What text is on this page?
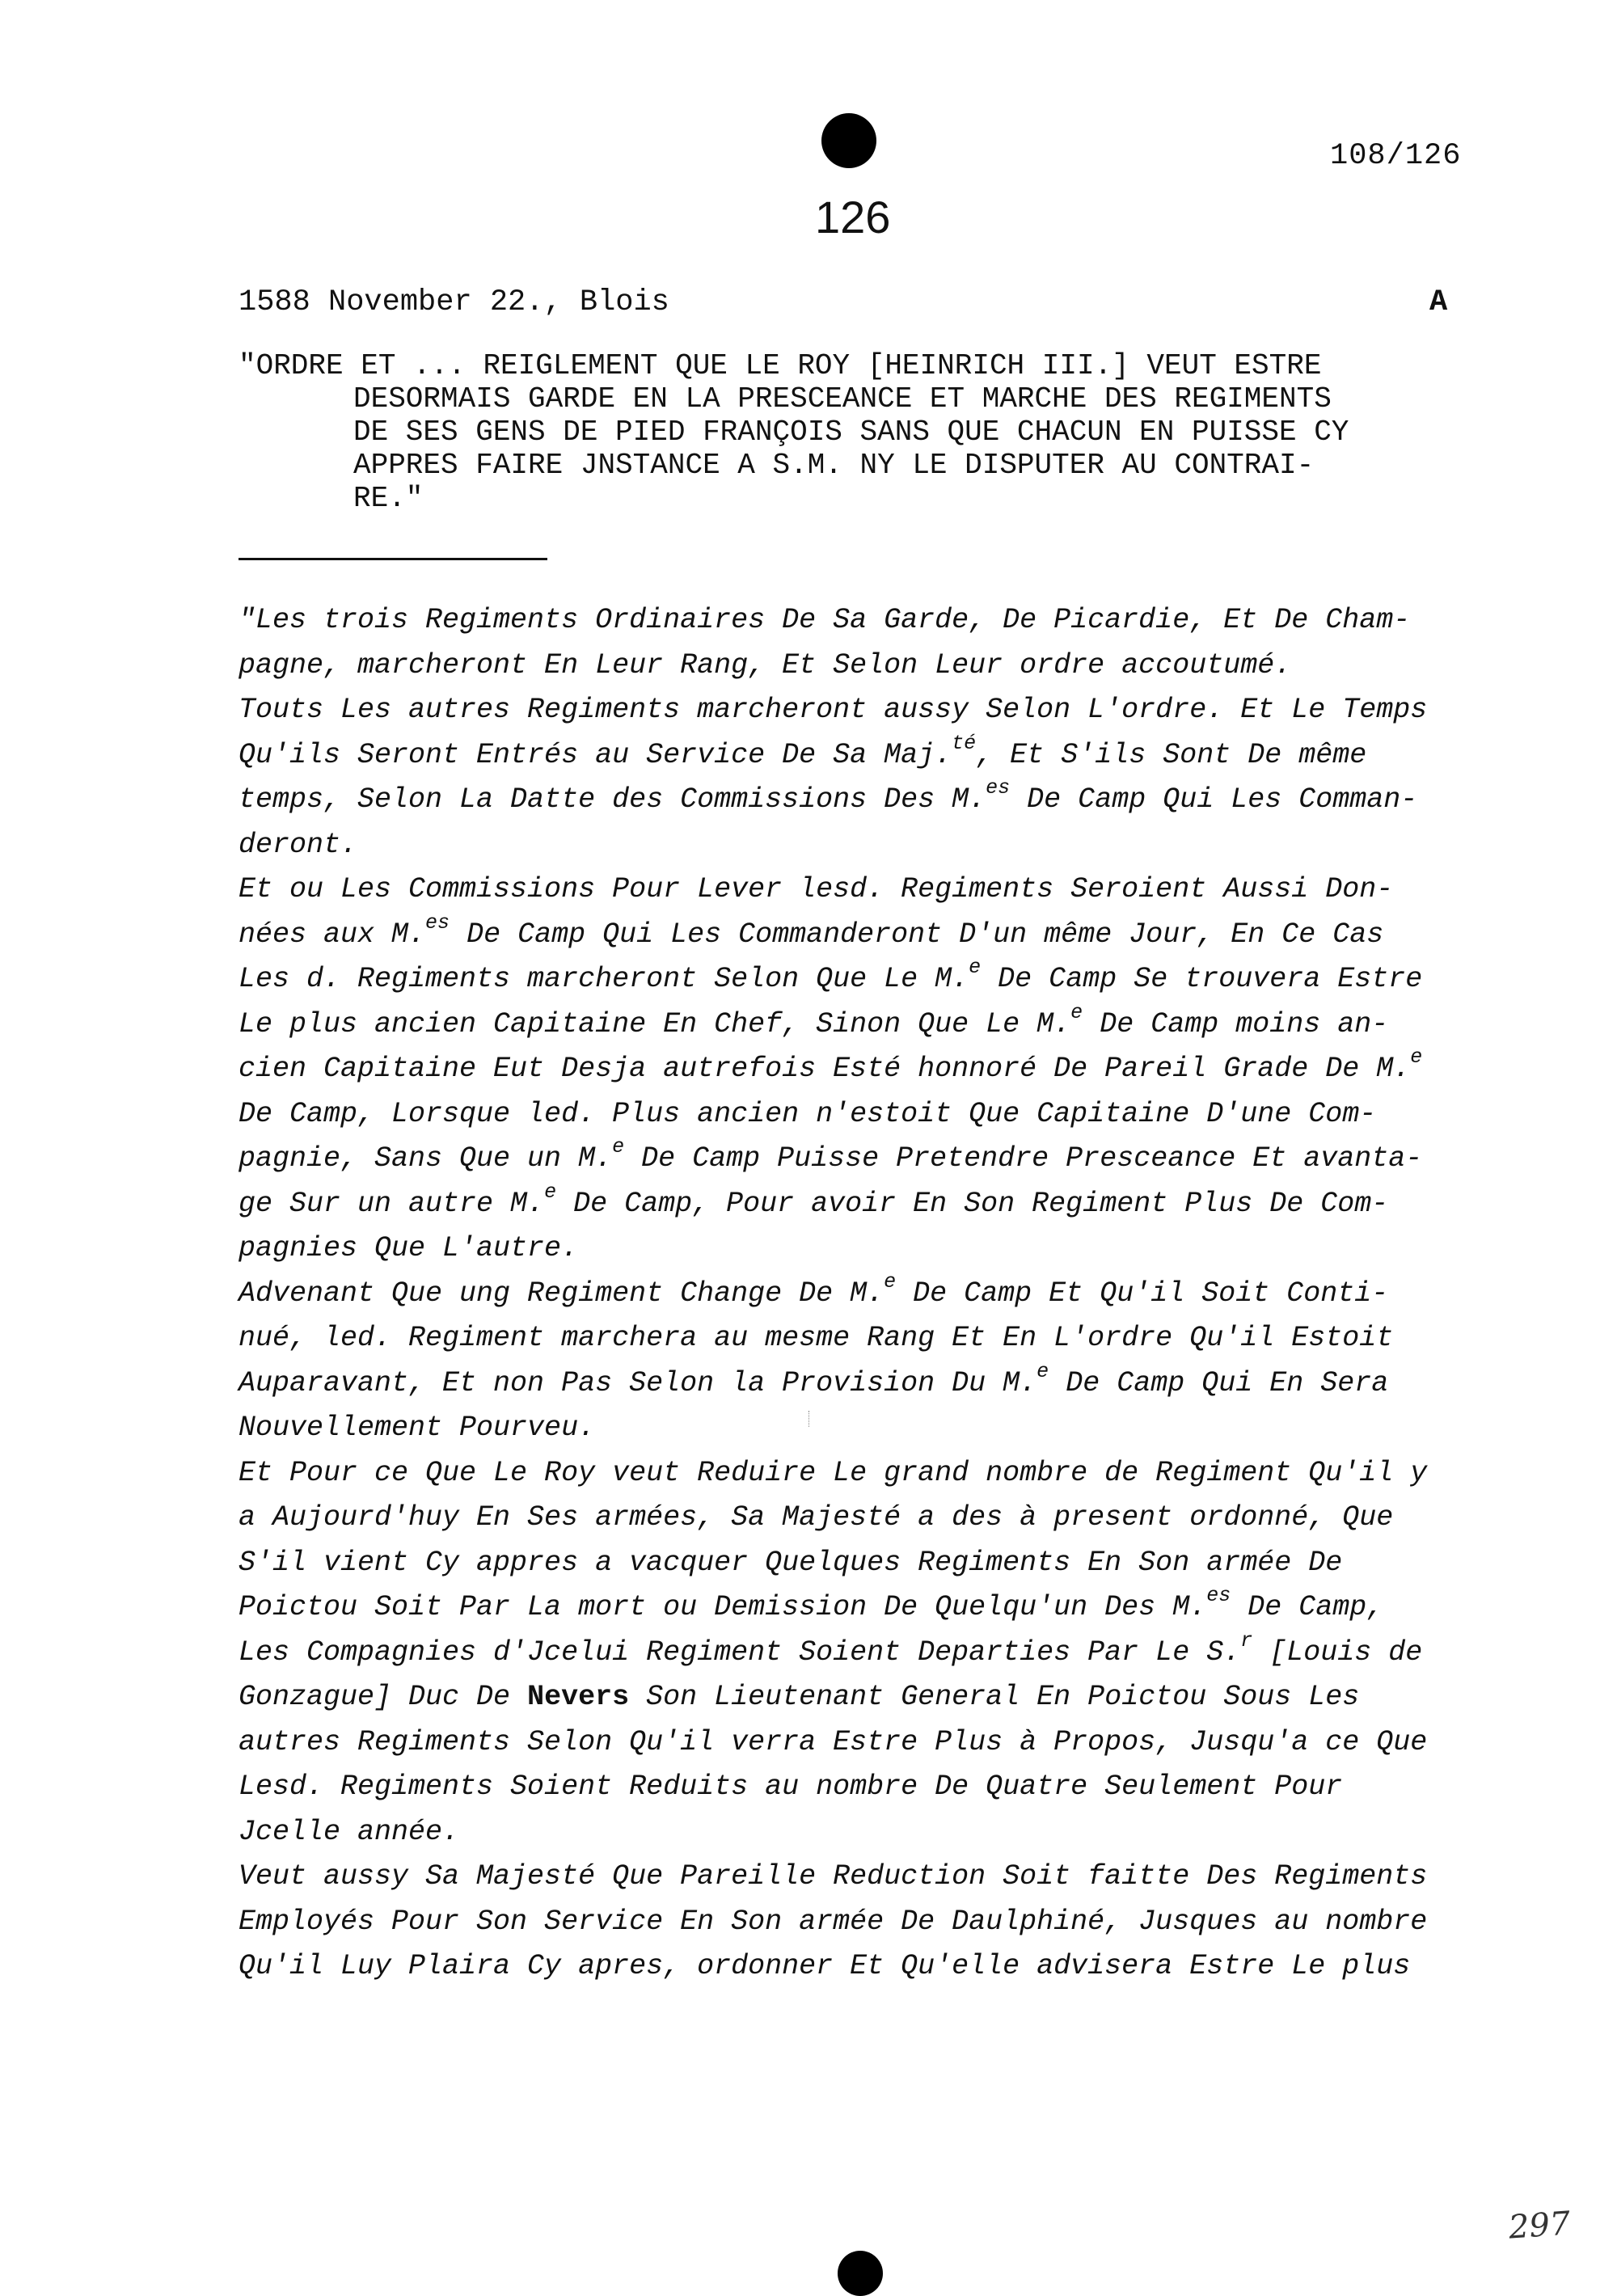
108/126
126
1588 November 22., Blois	A
"ORDRE ET ... REIGLEMENT QUE LE ROY [HEINRICH III.] VEUT ESTRE
DESORMAIS GARDE EN LA PRESCEANCE ET MARCHE DES REGIMENTS
DE SES GENS DE PIED FRANÇOIS SANS QUE CHACUN EN PUISSE CY
APPRES FAIRE JNSTANCE A S.M. NY LE DISPUTER AU CONTRAI-
RE."
"Les trois Regiments Ordinaires De Sa Garde, De Picardie, Et De Cham-
pagne, marcheront En Leur Rang, Et Selon Leur ordre accoutumé.
Touts Les autres Regiments marcheront aussy Selon L'ordre. Et Le Temps
Qu'ils Seront Entrés au Service De Sa Maj.$^{té}$, Et S'ils Sont De même
temps, Selon La Datte des Commissions Des M.$^{es}$ De Camp Qui Les Comman-
deront.
Et ou Les Commissions Pour Lever lesd. Regiments Seroient Aussi Don-
nées aux M.$^{es}$ De Camp Qui Les Commanderont D'un même Jour, En Ce Cas
Les d. Regiments marcheront Selon Que Le M.$^e$ De Camp Se trouvera Estre
Le plus ancien Capitaine En Chef, Sinon Que Le M.$^e$ De Camp moins an-
cien Capitaine Eut Desja autrefois Esté honnoré De Pareil Grade De M.$^e$
De Camp, Lorsque led. Plus ancien n'estoit Que Capitaine D'une Com-
pagnie, Sans Que un M.$^e$ De Camp Puisse Pretendre Presceance Et avanta-
ge Sur un autre M.$^e$ De Camp, Pour avoir En Son Regiment Plus De Com-
pagnies Que L'autre.
Advenant Que ung Regiment Change De M.$^e$ De Camp Et Qu'il Soit Conti-
nué, led. Regiment marchera au mesme Rang Et En L'ordre Qu'il Estoit
Auparavant, Et non Pas Selon la Provision Du M.$^e$ De Camp Qui En Sera
Nouvellement Pourveu.
Et Pour ce Que Le Roy veut Reduire Le grand nombre de Regiment Qu'il y
a Aujourd'huy En Ses armées, Sa Majesté a des à present ordonné, Que
S'il vient Cy appres a vacquer Quelques Regiments En Son armée De
Poictou Soit Par La mort ou Demission De Quelqu'un Des M.$^{es}$ De Camp,
Les Compagnies d'Jcelui Regiment Soient Departies Par Le S.$^r$ [Louis de
Gonzague] Duc De Nevers Son Lieutenant General En Poictou Sous Les
autres Regiments Selon Qu'il verra Estre Plus à Propos, Jusqu'a ce Que
Lesd. Regiments Soient Reduits au nombre De Quatre Seulement Pour
Jcelle année.
Veut aussy Sa Majesté Que Pareille Reduction Soit faitte Des Regiments
Employés Pour Son Service En Son armée De Daulphiné, Jusques au nombre
Qu'il Luy Plaira Cy apres, ordonner Et Qu'elle advisera Estre Le plus
297
